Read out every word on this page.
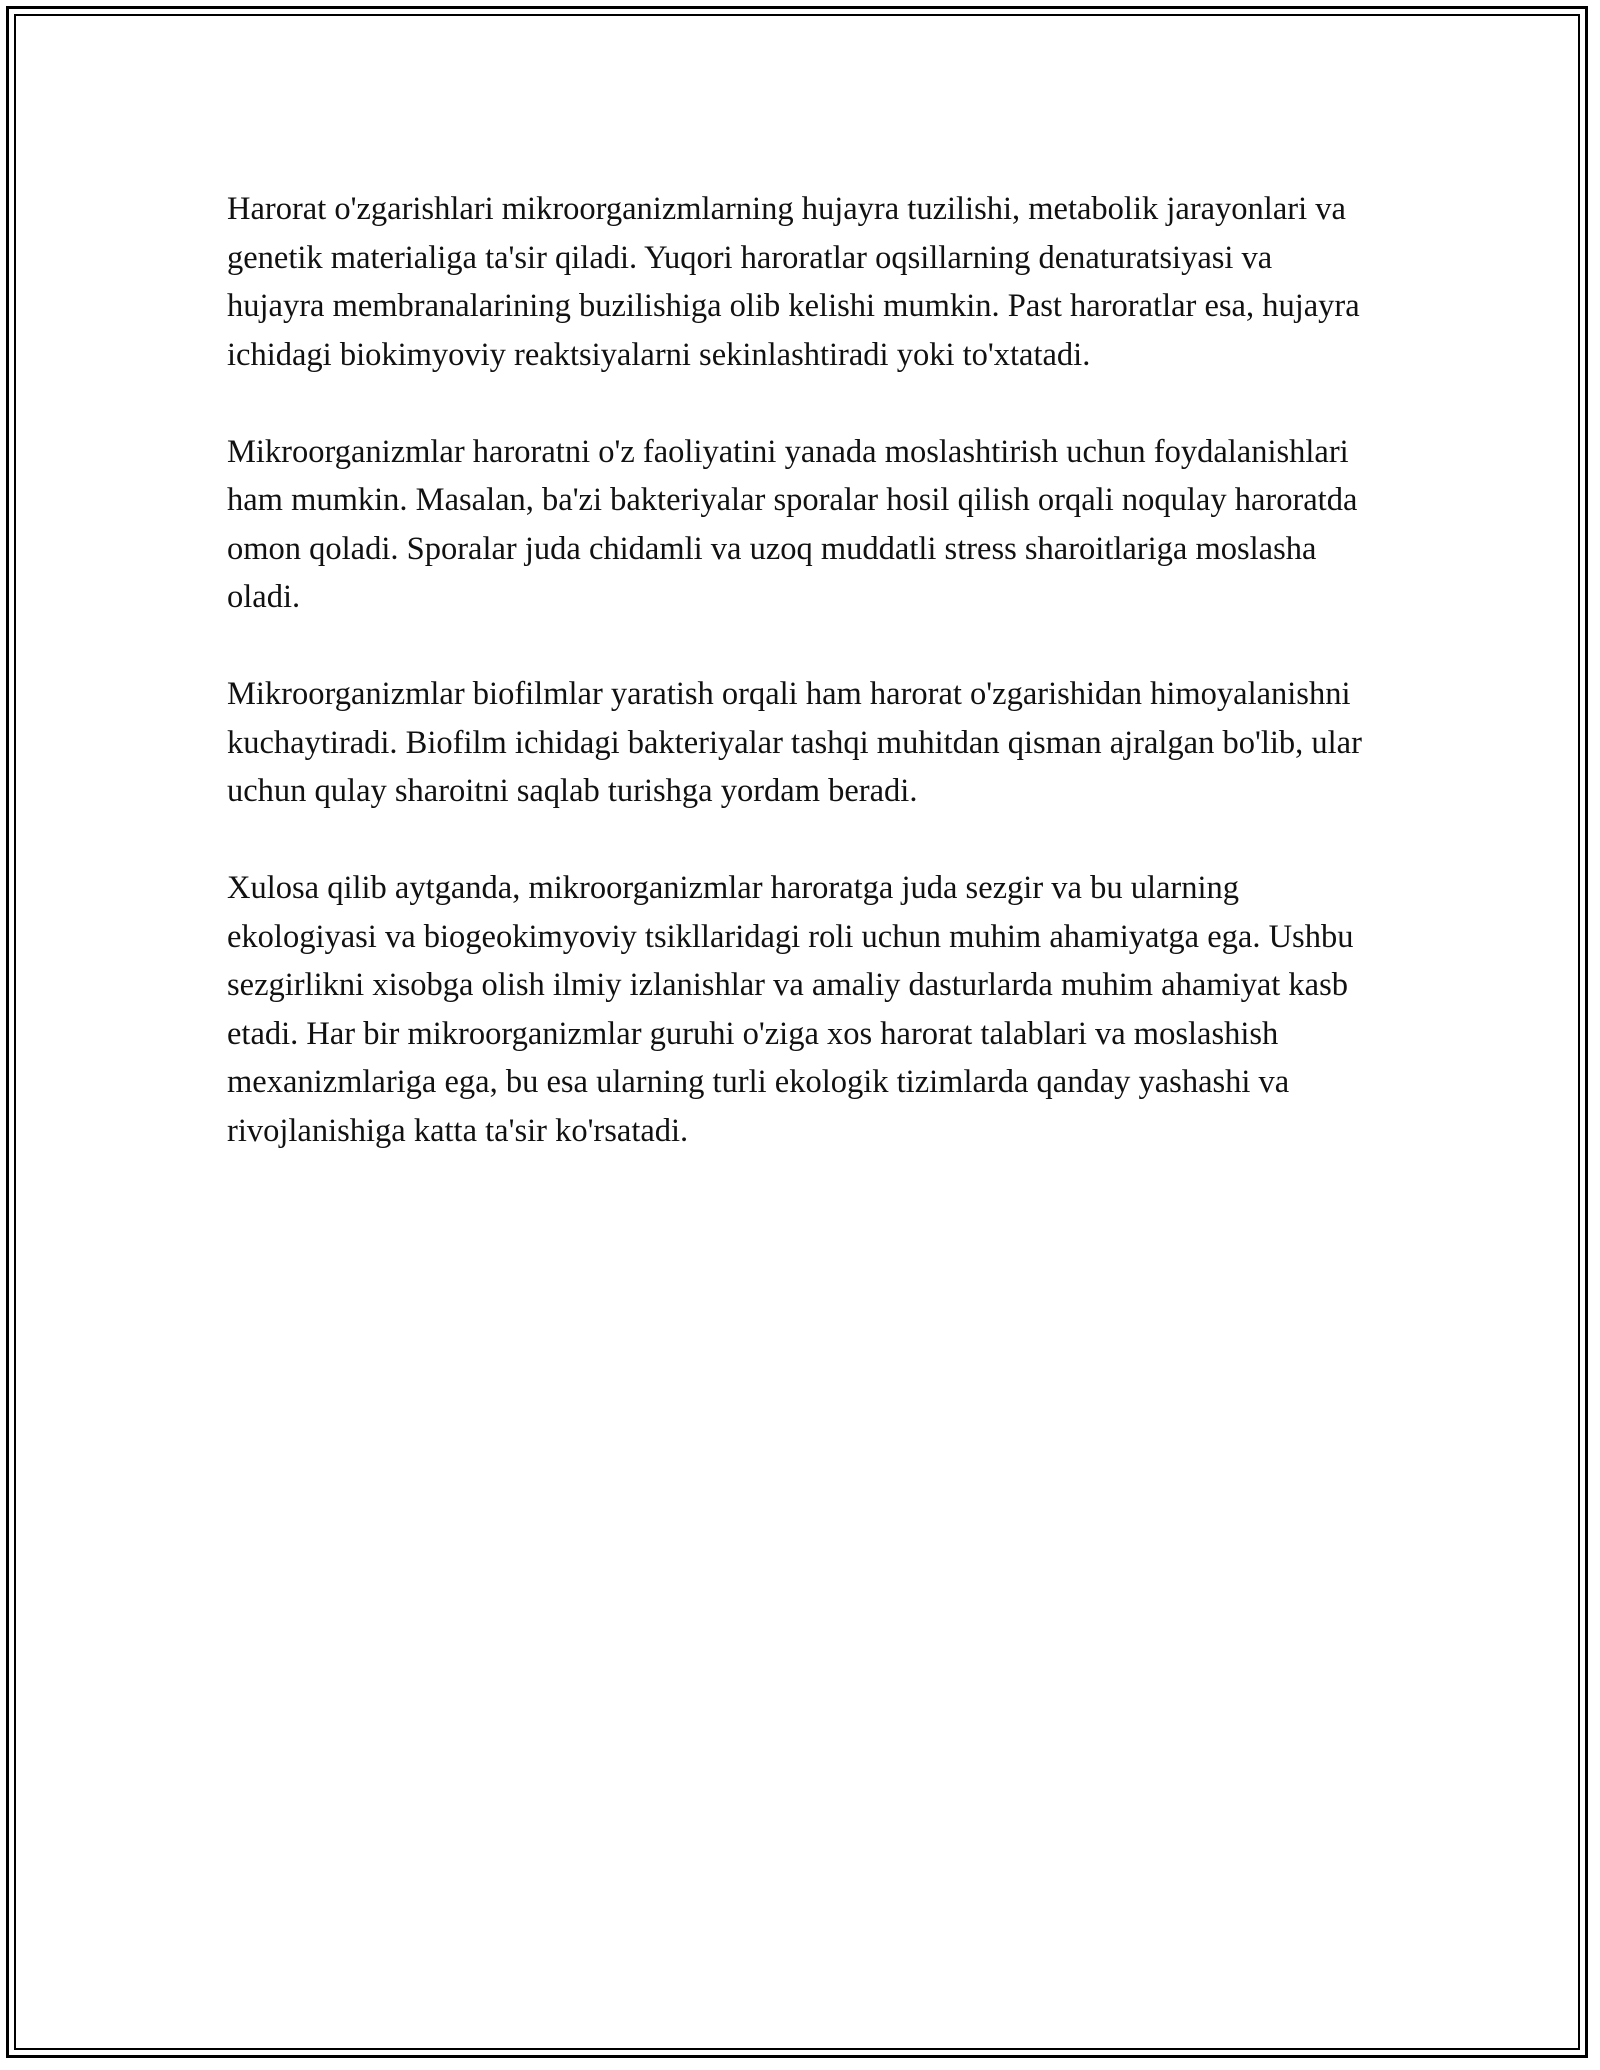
Harorat o'zgarishlari mikroorganizmlarning hujayra tuzilishi, metabolik jarayonlari va genetik materialiga ta'sir qiladi. Yuqori haroratlar oqsillarning denaturatsiyasi va hujayra membranalarining buzilishiga olib kelishi mumkin. Past haroratlar esa, hujayra ichidagi biokimyoviy reaktsiyalarni sekinlashtiradi yoki to'xtatadi.

Mikroorganizmlar haroratni o'z faoliyatini yanada moslashtirish uchun foydalanishlari ham mumkin. Masalan, ba'zi bakteriyalar sporalar hosil qilish orqali noqulay haroratda omon qoladi. Sporalar juda chidamli va uzoq muddatli stress sharoitlariga moslasha oladi.

Mikroorganizmlar biofilmlar yaratish orqali ham harorat o'zgarishidan himoyalanishni kuchaytiradi. Biofilm ichidagi bakteriyalar tashqi muhitdan qisman ajralgan bo'lib, ular uchun qulay sharoitni saqlab turishga yordam beradi.

Xulosa qilib aytganda, mikroorganizmlar haroratga juda sezgir va bu ularning ekologiyasi va biogeokimyoviy tsikllaridagi roli uchun muhim ahamiyatga ega. Ushbu sezgirlikni xisobga olish ilmiy izlanishlar va amaliy dasturlarda muhim ahamiyat kasb etadi. Har bir mikroorganizmlar guruhi o'ziga xos harorat talablari va moslashish mexanizmlariga ega, bu esa ularning turli ekologik tizimlarda qanday yashashi va rivojlanishiga katta ta'sir ko'rsatadi.
